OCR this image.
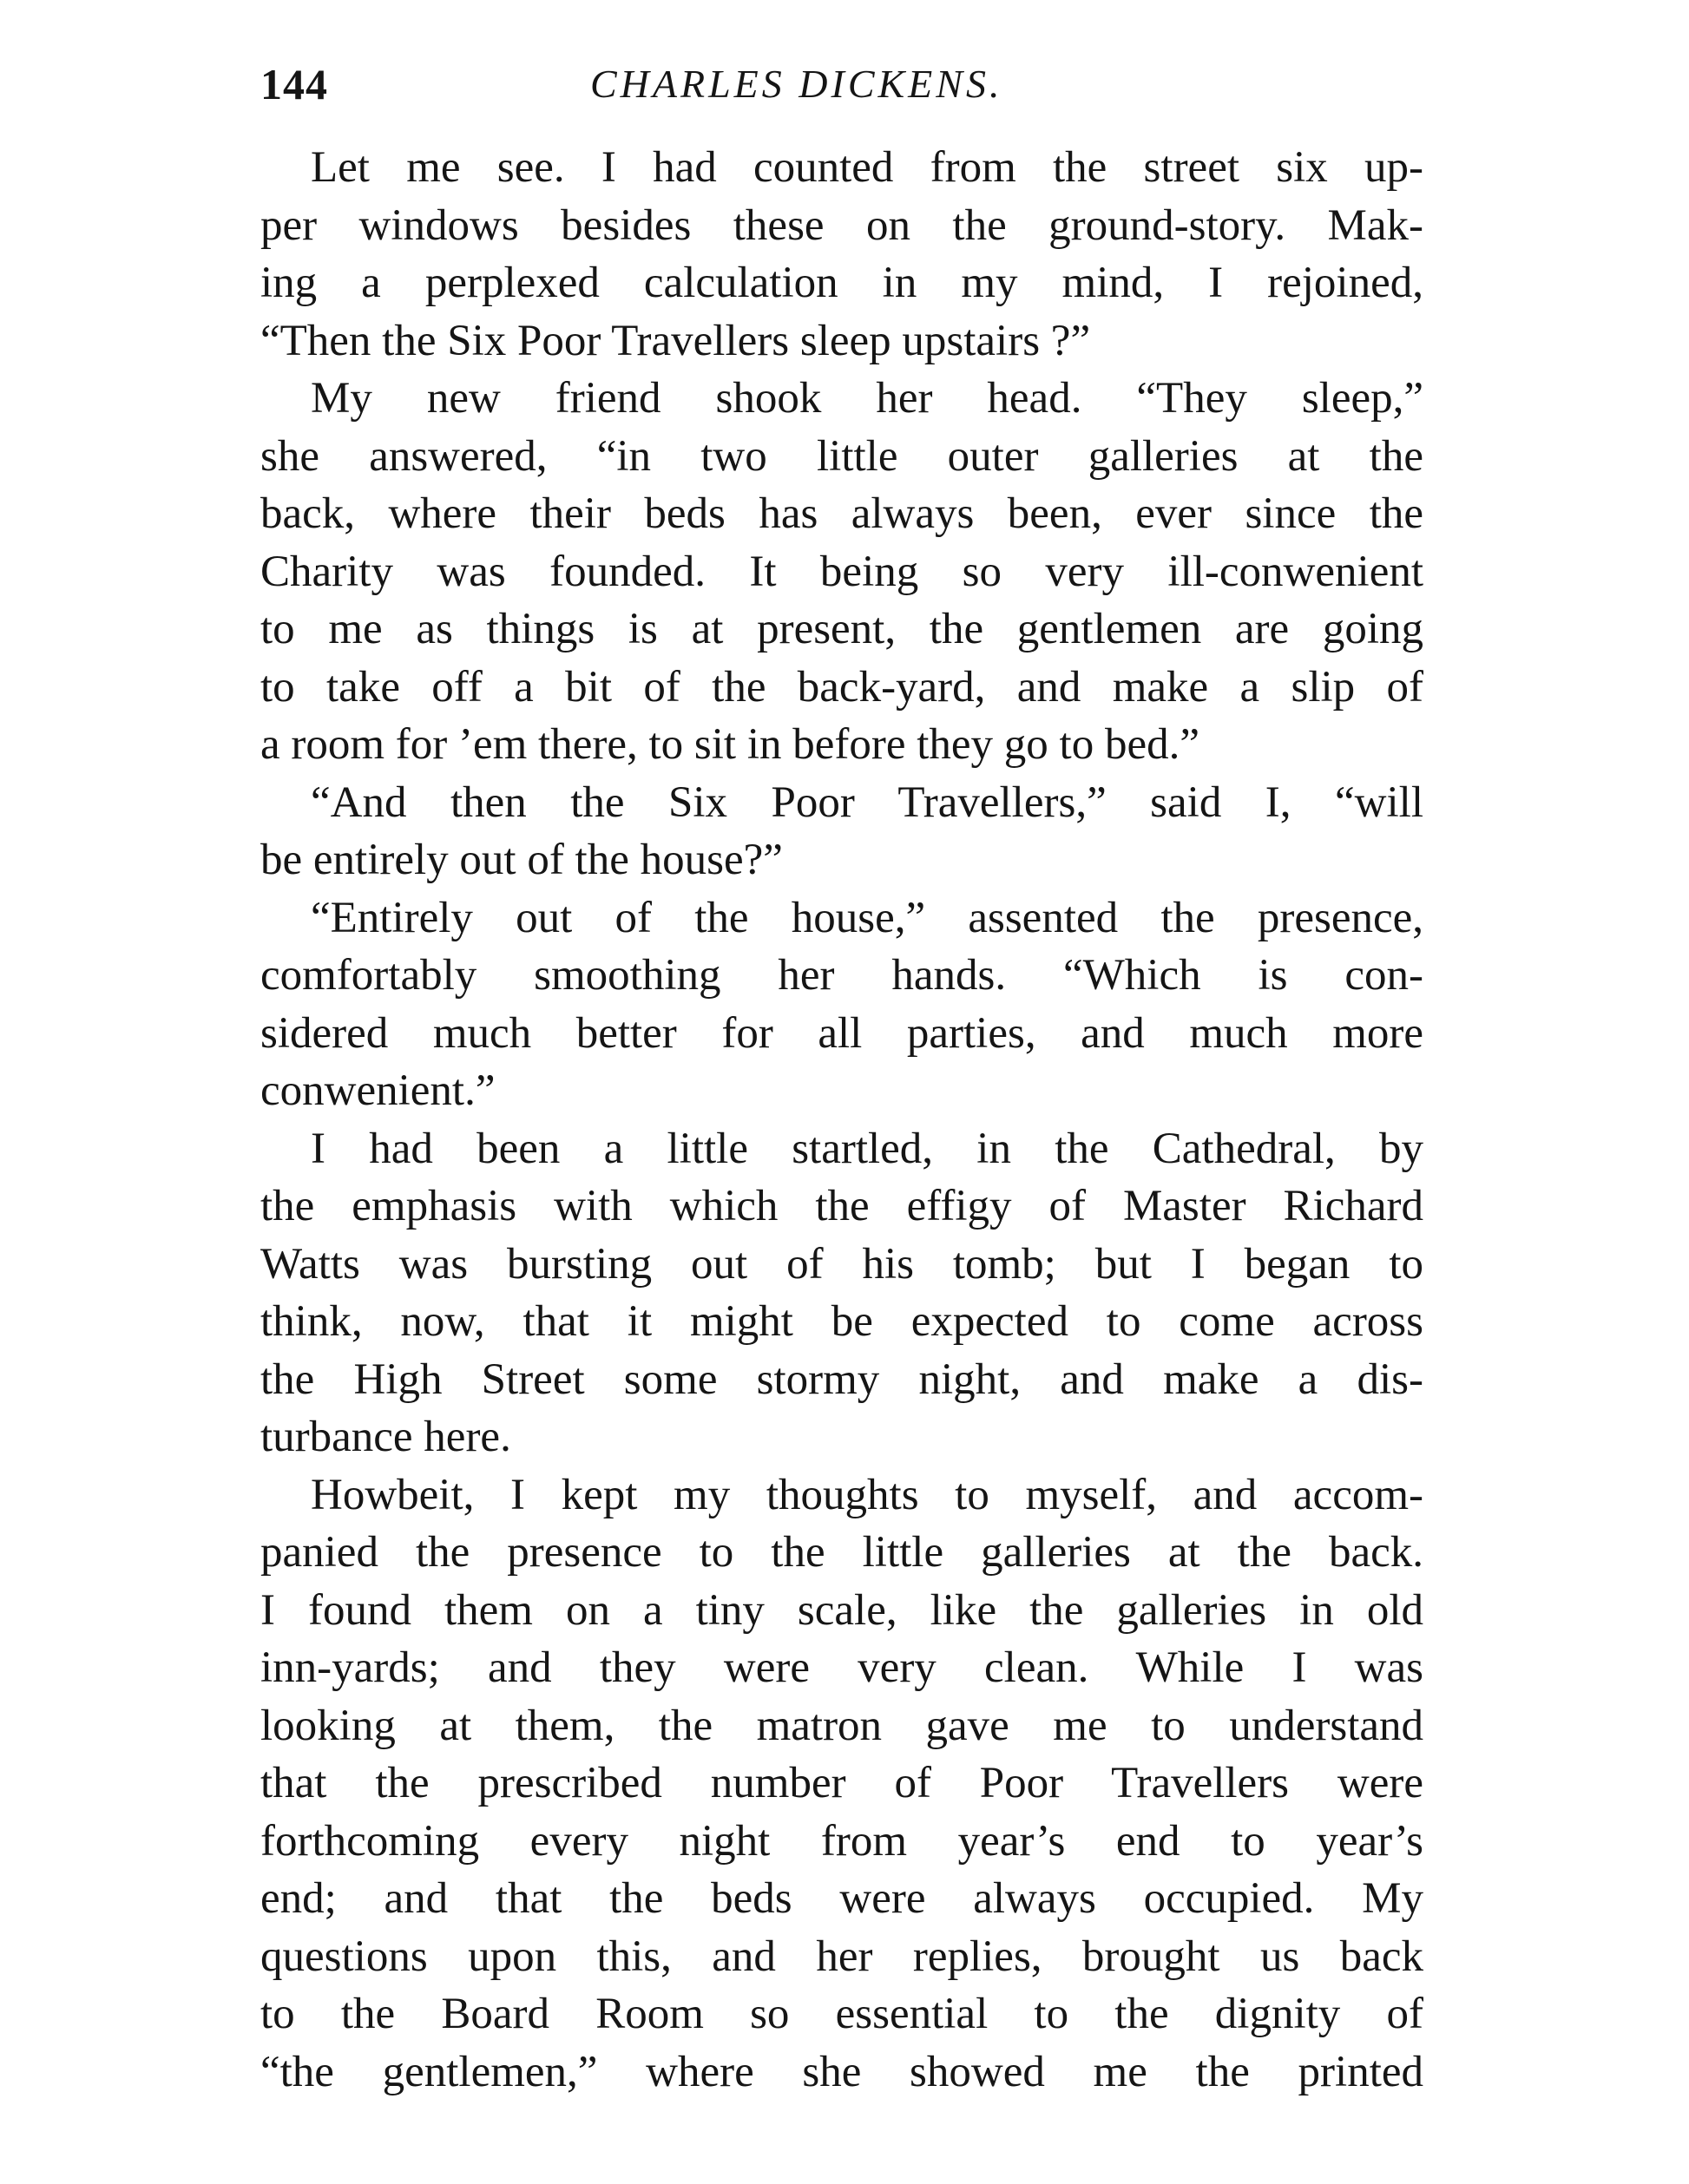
144	CHARLES DICKENS.
Let me see. I had counted from the street six up-
per windows besides these on the ground-story. Mak-
ing a perplexed calculation in my mind, I rejoined,
“Then the Six Poor Travellers sleep upstairs ?”
My new friend shook her head. “They sleep,”
she answered, “in two little outer galleries at the
back, where their beds has always been, ever since the
Charity was founded. It being so very ill-conwenient
to me as things is at present, the gentlemen are going
to take off a bit of the back-yard, and make a slip of
a room for ’em there, to sit in before they go to bed.”
“And then the Six Poor Travellers,” said I, “will
be entirely out of the house?”
“Entirely out of the house,” assented the presence,
comfortably smoothing her hands. “Which is con-
sidered much better for all parties, and much more
conwenient.”
I had been a little startled, in the Cathedral, by
the emphasis with which the effigy of Master Richard
Watts was bursting out of his tomb; but I began to
think, now, that it might be expected to come across
the High Street some stormy night, and make a dis-
turbance here.
Howbeit, I kept my thoughts to myself, and accom-
panied the presence to the little galleries at the back.
I found them on a tiny scale, like the galleries in old
inn-yards; and they were very clean. While I was
looking at them, the matron gave me to understand
that the prescribed number of Poor Travellers were
forthcoming every night from year’s end to year’s
end; and that the beds were always occupied. My
questions upon this, and her replies, brought us back
to the Board Room so essential to the dignity of
“the gentlemen,” where she showed me the printed
